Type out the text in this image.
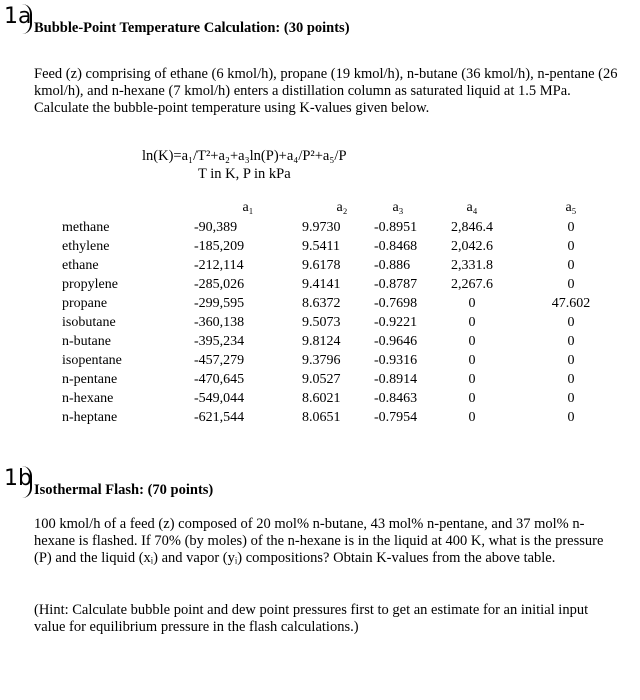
1a Bubble-Point Temperature Calculation: (30 points)
Feed (z) comprising of ethane (6 kmol/h), propane (19 kmol/h), n-butane (36 kmol/h), n-pentane (26 kmol/h), and n-hexane (7 kmol/h) enters a distillation column as saturated liquid at 1.5 MPa. Calculate the bubble-point temperature using K-values given below.
ln(K)=a₁/T²+a₂+a₃ln(P)+a₄/P²+a₅/P
T in K, P in kPa
	a₁	a₂	a₃	a₄	a₅
methane	-90,389	9.9730	-0.8951	2,846.4	0
ethylene	-185,209	9.5411	-0.8468	2,042.6	0
ethane	-212,114	9.6178	-0.886	2,331.8	0
propylene	-285,026	9.4141	-0.8787	2,267.6	0
propane	-299,595	8.6372	-0.7698	0	47.602
isobutane	-360,138	9.5073	-0.9221	0	0
n-butane	-395,234	9.8124	-0.9646	0	0
isopentane	-457,279	9.3796	-0.9316	0	0
n-pentane	-470,645	9.0527	-0.8914	0	0
n-hexane	-549,044	8.6021	-0.8463	0	0
n-heptane	-621,544	8.0651	-0.7954	0	0
1b Isothermal Flash: (70 points)
100 kmol/h of a feed (z) composed of 20 mol% n-butane, 43 mol% n-pentane, and 37 mol% n-hexane is flashed. If 70% (by moles) of the n-hexane is in the liquid at 400 K, what is the pressure (P) and the liquid (xᵢ) and vapor (yᵢ) compositions? Obtain K-values from the above table.
(Hint: Calculate bubble point and dew point pressures first to get an estimate for an initial input value for equilibrium pressure in the flash calculations.)
